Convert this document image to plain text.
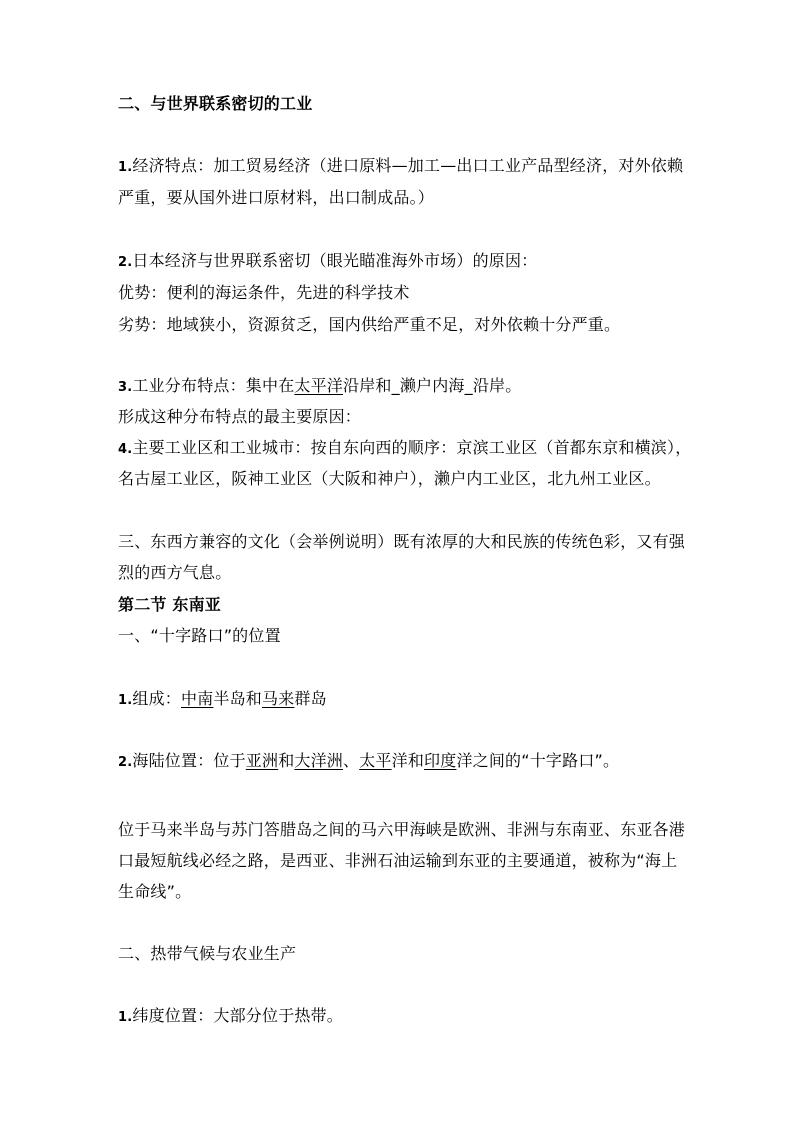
二、与世界联系密切的工业
1.经济特点：加工贸易经济（进口原料—加工—出口工业产品型经济，对外依赖
严重，要从国外进口原材料，出口制成品。）
2.日本经济与世界联系密切（眼光瞄准海外市场）的原因：
优势：便利的海运条件，先进的科学技术
劣势：地域狭小，资源贫乏，国内供给严重不足，对外依赖十分严重。
3.工业分布特点：集中在太平洋沿岸和_濑户内海_沿岸。
形成这种分布特点的最主要原因：
4.主要工业区和工业城市：按自东向西的顺序：京滨工业区（首都东京和横滨），
名古屋工业区，阪神工业区（大阪和神户），濑户内工业区，北九州工业区。
三、东西方兼容的文化（会举例说明）既有浓厚的大和民族的传统色彩，又有强
烈的西方气息。
第二节 东南亚
一、“十字路口”的位置
1.组成：中南半岛和马来群岛
2.海陆位置：位于亚洲和大洋洲、太平洋和印度洋之间的“十字路口”。
位于马来半岛与苏门答腊岛之间的马六甲海峡是欧洲、非洲与东南亚、东亚各港
口最短航线必经之路，是西亚、非洲石油运输到东亚的主要通道，被称为“海上
生命线”。
二、热带气候与农业生产
1.纬度位置：大部分位于热带。
